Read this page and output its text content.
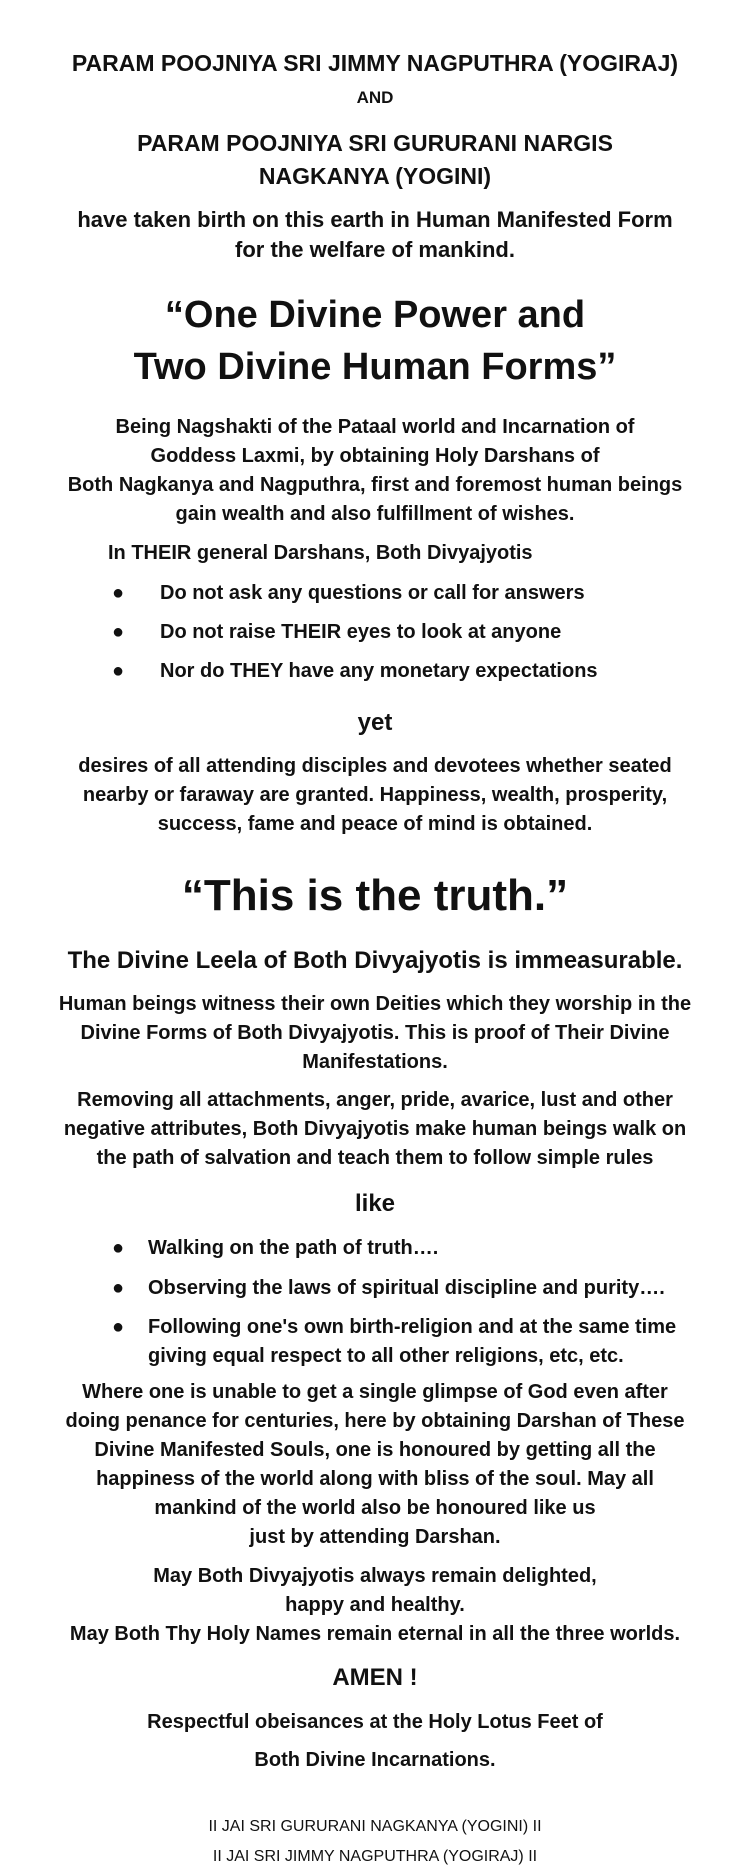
PARAM POOJNIYA SRI JIMMY NAGPUTHRA (YOGIRAJ)
AND
PARAM POOJNIYA SRI GURURANI NARGIS
NAGKANYA (YOGINI)
have taken birth on this earth in Human Manifested Form
for the welfare of mankind.
“One Divine Power and
Two Divine Human Forms”
Being Nagshakti of the Pataal world and Incarnation of
Goddess Laxmi, by obtaining Holy Darshans of
Both Nagkanya and Nagputhra, first and foremost human beings
gain wealth and also fulfillment of wishes.
In THEIR general Darshans, Both Divyajyotis
● Do not ask any questions or call for answers
● Do not raise THEIR eyes to look at anyone
● Nor do THEY have any monetary expectations
yet
desires of all attending disciples and devotees whether seated
nearby or faraway are granted. Happiness, wealth, prosperity,
success, fame and peace of mind is obtained.
“This is the truth.”
The Divine Leela of Both Divyajyotis is immeasurable.
Human beings witness their own Deities which they worship in the
Divine Forms of Both Divyajyotis. This is proof of Their Divine
Manifestations.
Removing all attachments, anger, pride, avarice, lust and other
negative attributes, Both Divyajyotis make human beings walk on
the path of salvation and teach them to follow simple rules
like
● Walking on the path of truth….
● Observing the laws of spiritual discipline and purity….
● Following one's own birth-religion and at the same time
giving equal respect to all other religions, etc, etc.
Where one is unable to get a single glimpse of God even after
doing penance for centuries, here by obtaining Darshan of These
Divine Manifested Souls, one is honoured by getting all the
happiness of the world along with bliss of the soul. May all
mankind of the world also be honoured like us
just by attending Darshan.
May Both Divyajyotis always remain delighted,
happy and healthy.
May Both Thy Holy Names remain eternal in all the three worlds.
AMEN !
Respectful obeisances at the Holy Lotus Feet of
Both Divine Incarnations.
II JAI SRI GURURANI NAGKANYA (YOGINI) II
II JAI SRI JIMMY NAGPUTHRA (YOGIRAJ) II
